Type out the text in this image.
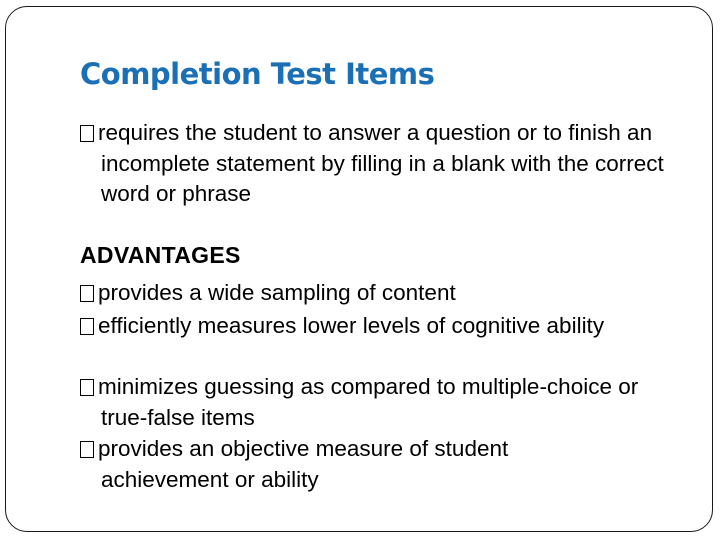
Completion Test Items
requires the student to answer a question or to finish an incomplete statement by filling in a blank with the correct word or phrase
ADVANTAGES
provides a wide sampling of content
efficiently measures lower levels of cognitive ability
minimizes guessing as compared to multiple-choice or true-false items
provides an objective measure of student achievement or ability
